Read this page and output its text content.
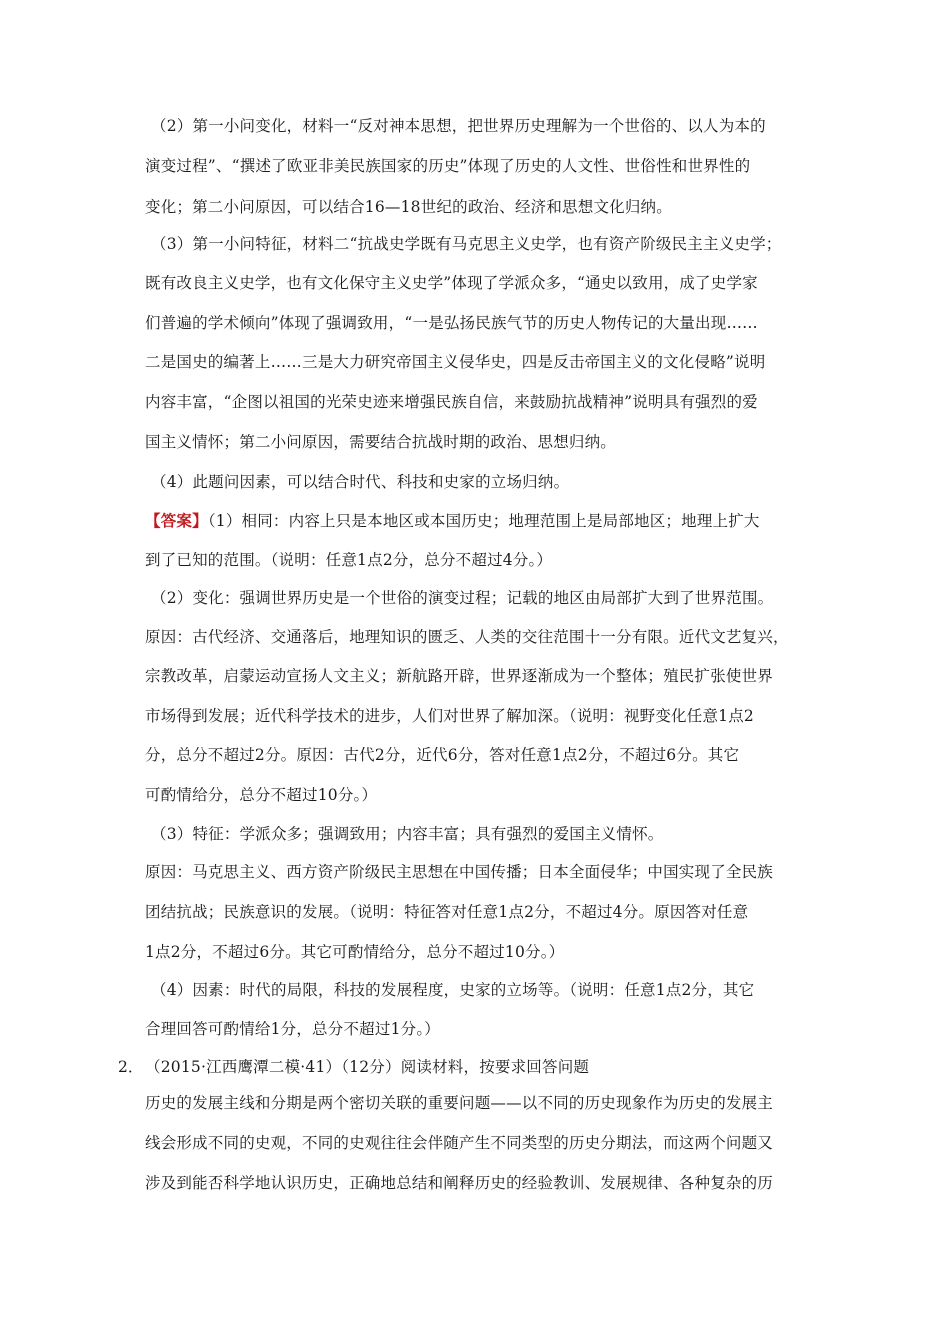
（2）第一小问变化，材料一“反对神本思想，把世界历史理解为一个世俗的、以人为本的
演变过程”、“撰述了欧亚非美民族国家的历史”体现了历史的人文性、世俗性和世界性的
变化；第二小问原因，可以结合16—18世纪的政治、经济和思想文化归纳。
（3）第一小问特征，材料二“抗战史学既有马克思主义史学，也有资产阶级民主主义史学；
既有改良主义史学，也有文化保守主义史学”体现了学派众多，“通史以致用，成了史学家
们普遍的学术倾向”体现了强调致用，“一是弘扬民族气节的历史人物传记的大量出现……
二是国史的编著上……三是大力研究帝国主义侵华史，四是反击帝国主义的文化侵略”说明
内容丰富，“企图以祖国的光荣史迹来增强民族自信，来鼓励抗战精神”说明具有强烈的爱
国主义情怀；第二小问原因，需要结合抗战时期的政治、思想归纳。
（4）此题问因素，可以结合时代、科技和史家的立场归纳。
【答案】（1）相同：内容上只是本地区或本国历史；地理范围上是局部地区；地理上扩大
到了已知的范围。（说明：任意1点2分，总分不超过4分。）
（2）变化：强调世界历史是一个世俗的演变过程；记载的地区由局部扩大到了世界范围。
原因：古代经济、交通落后，地理知识的匮乏、人类的交往范围十一分有限。近代文艺复兴，
宗教改革，启蒙运动宣扬人文主义；新航路开辟，世界逐渐成为一个整体；殖民扩张使世界
市场得到发展；近代科学技术的进步，人们对世界了解加深。（说明：视野变化任意1点2
分，总分不超过2分。原因：古代2分，近代6分，答对任意1点2分，不超过6分。其它
可酌情给分，总分不超过10分。）
（3）特征：学派众多；强调致用；内容丰富；具有强烈的爱国主义情怀。
原因：马克思主义、西方资产阶级民主思想在中国传播；日本全面侵华；中国实现了全民族
团结抗战；民族意识的发展。（说明：特征答对任意1点2分，不超过4分。原因答对任意
1点2分，不超过6分。其它可酌情给分，总分不超过10分。）
（4）因素：时代的局限，科技的发展程度，史家的立场等。（说明：任意1点2分，其它
合理回答可酌情给1分，总分不超过1分。）
2． （2015·江西鹰潭二模·41）（12分）阅读材料，按要求回答问题
历史的发展主线和分期是两个密切关联的重要问题——以不同的历史现象作为历史的发展主
线会形成不同的史观，不同的史观往往会伴随产生不同类型的历史分期法，而这两个问题又
涉及到能否科学地认识历史，正确地总结和阐释历史的经验教训、发展规律、各种复杂的历
